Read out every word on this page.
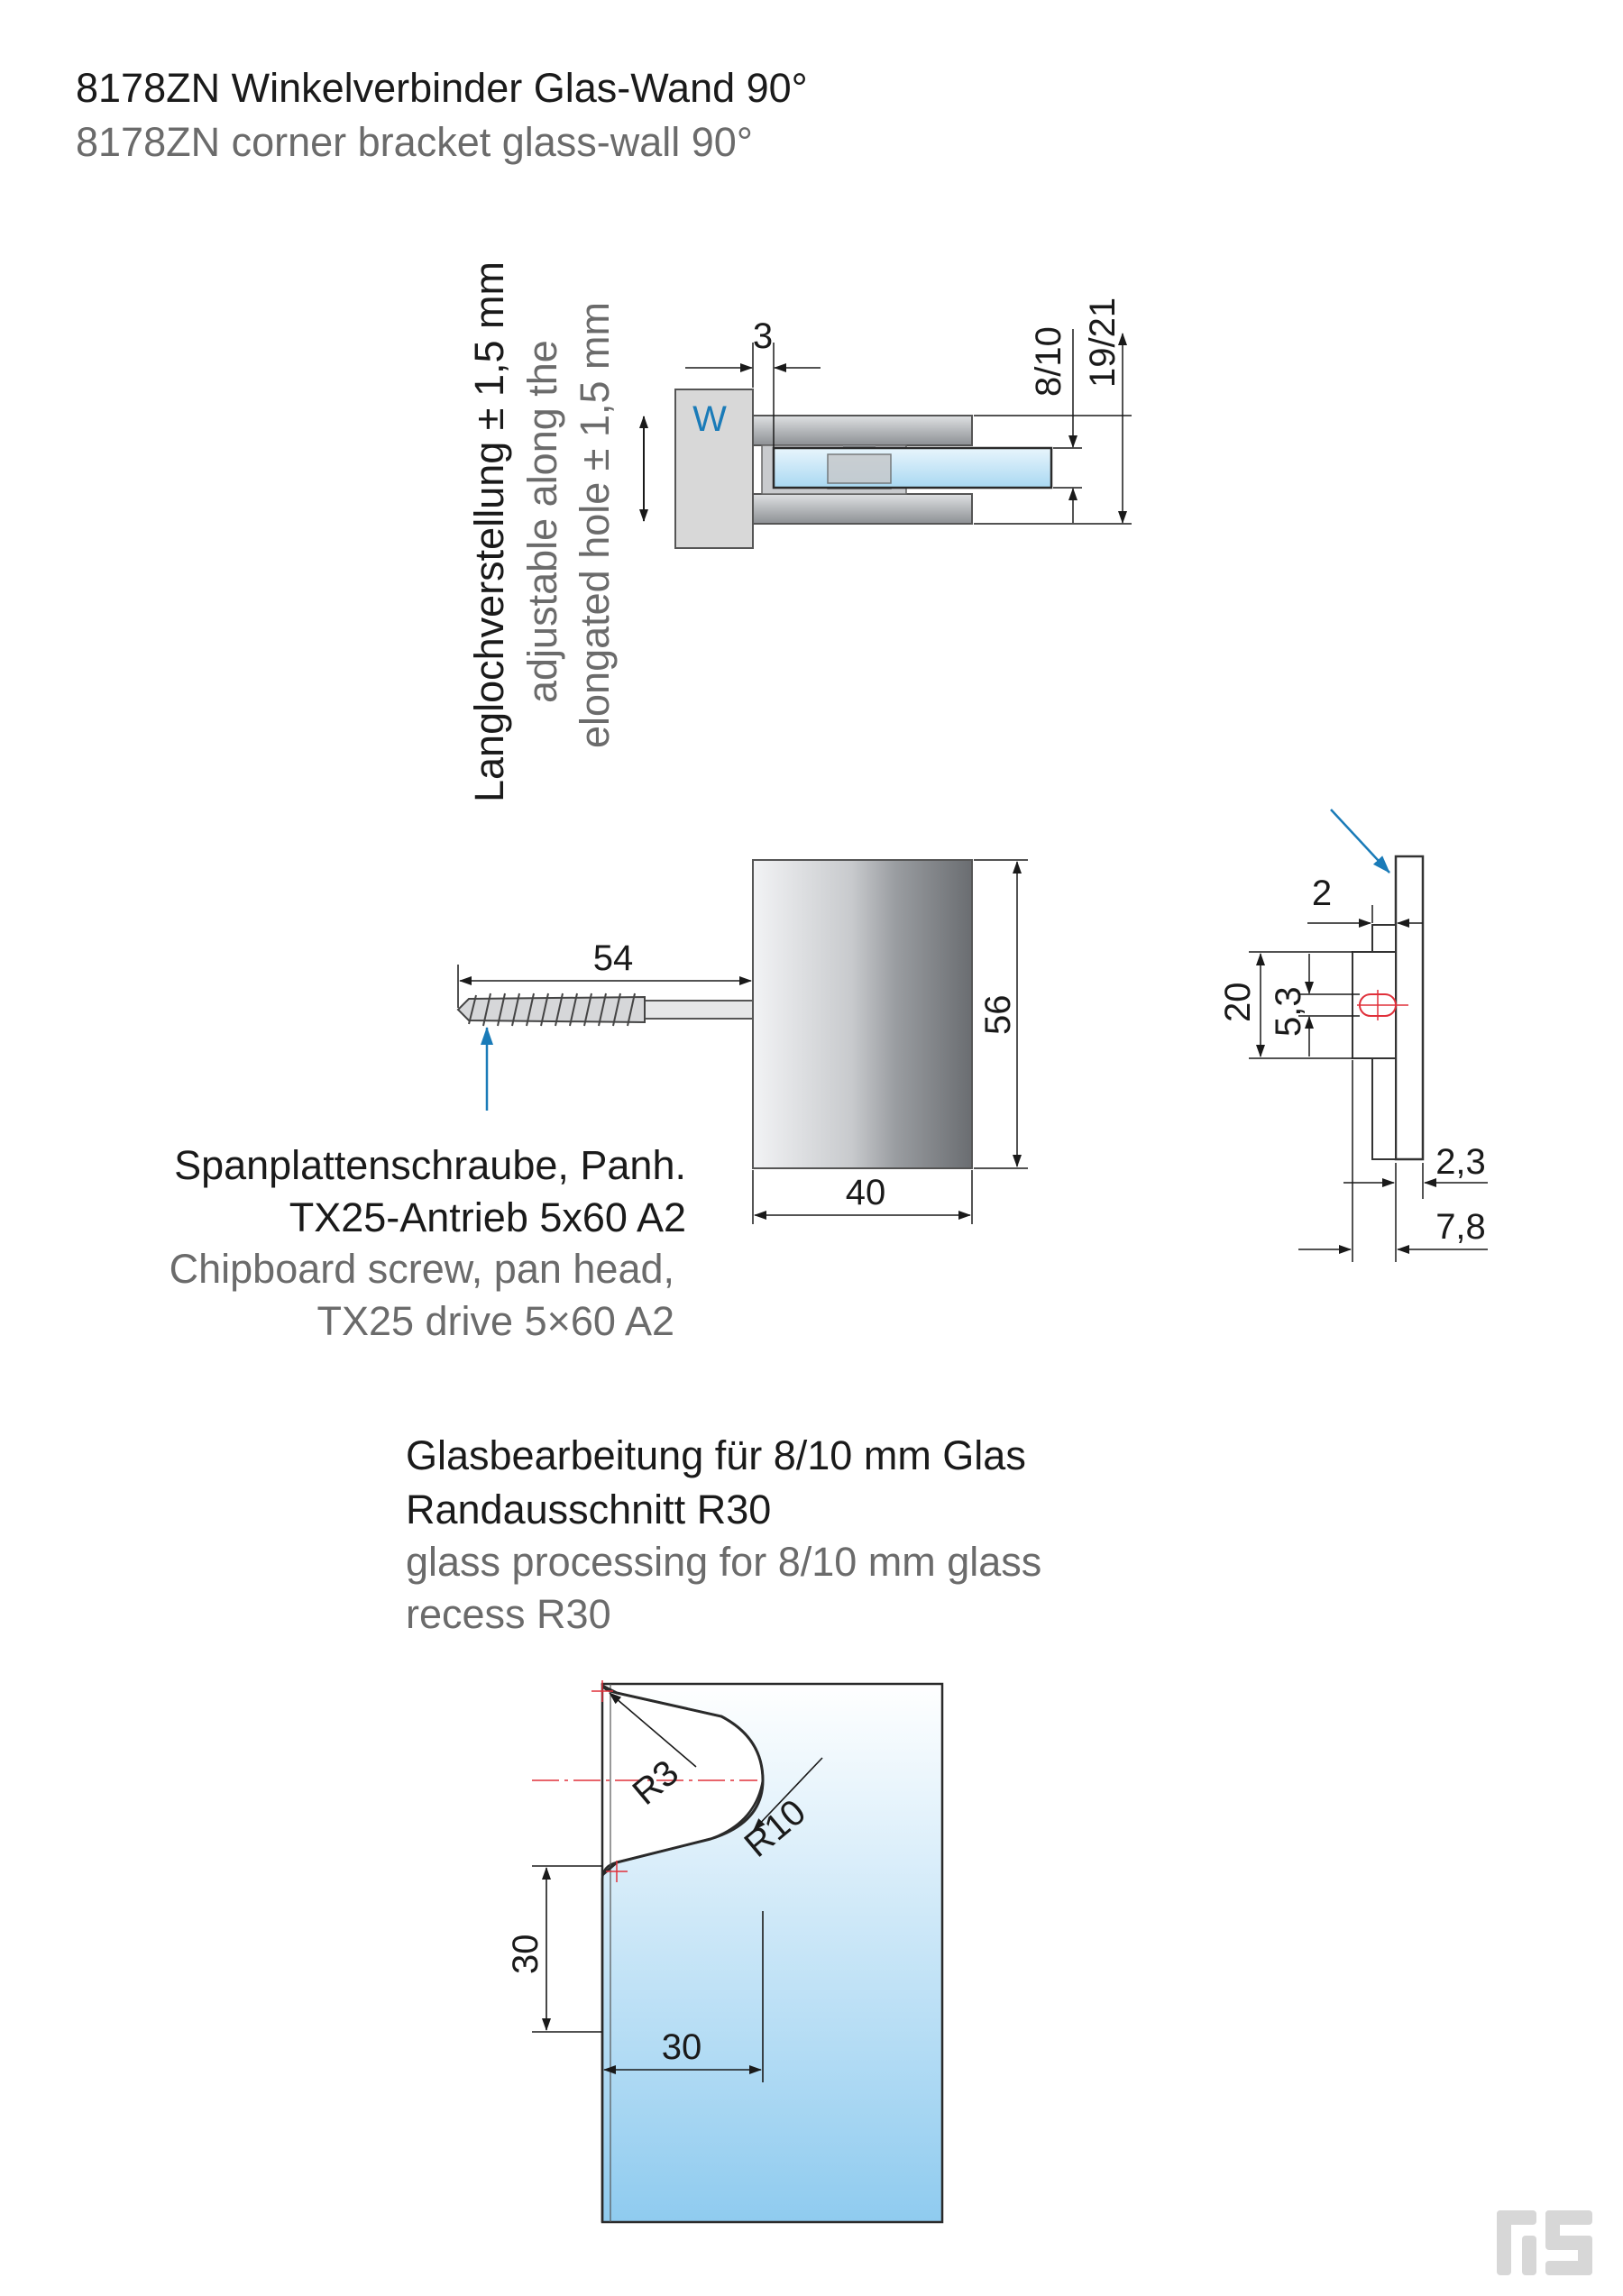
8178ZN Winkelverbinder Glas-Wand 90°
8178ZN corner bracket glass-wall 90°
Spanplattenschraube, Panh.
TX25-Antrieb 5x60 A2
Chipboard screw, pan head,
TX25 drive 5×60 A2
Glasbearbeitung für 8/10 mm Glas
Randausschnitt R30
glass processing for 8/10 mm glass
recess R30
Langlochverstellung ± 1,5 mm adjustable along the elongated hole ± 1,5 mm W
3	8/10 19/21
54
56
40
2
20 5,3
2,3
7,8
R3
R10
30
30
